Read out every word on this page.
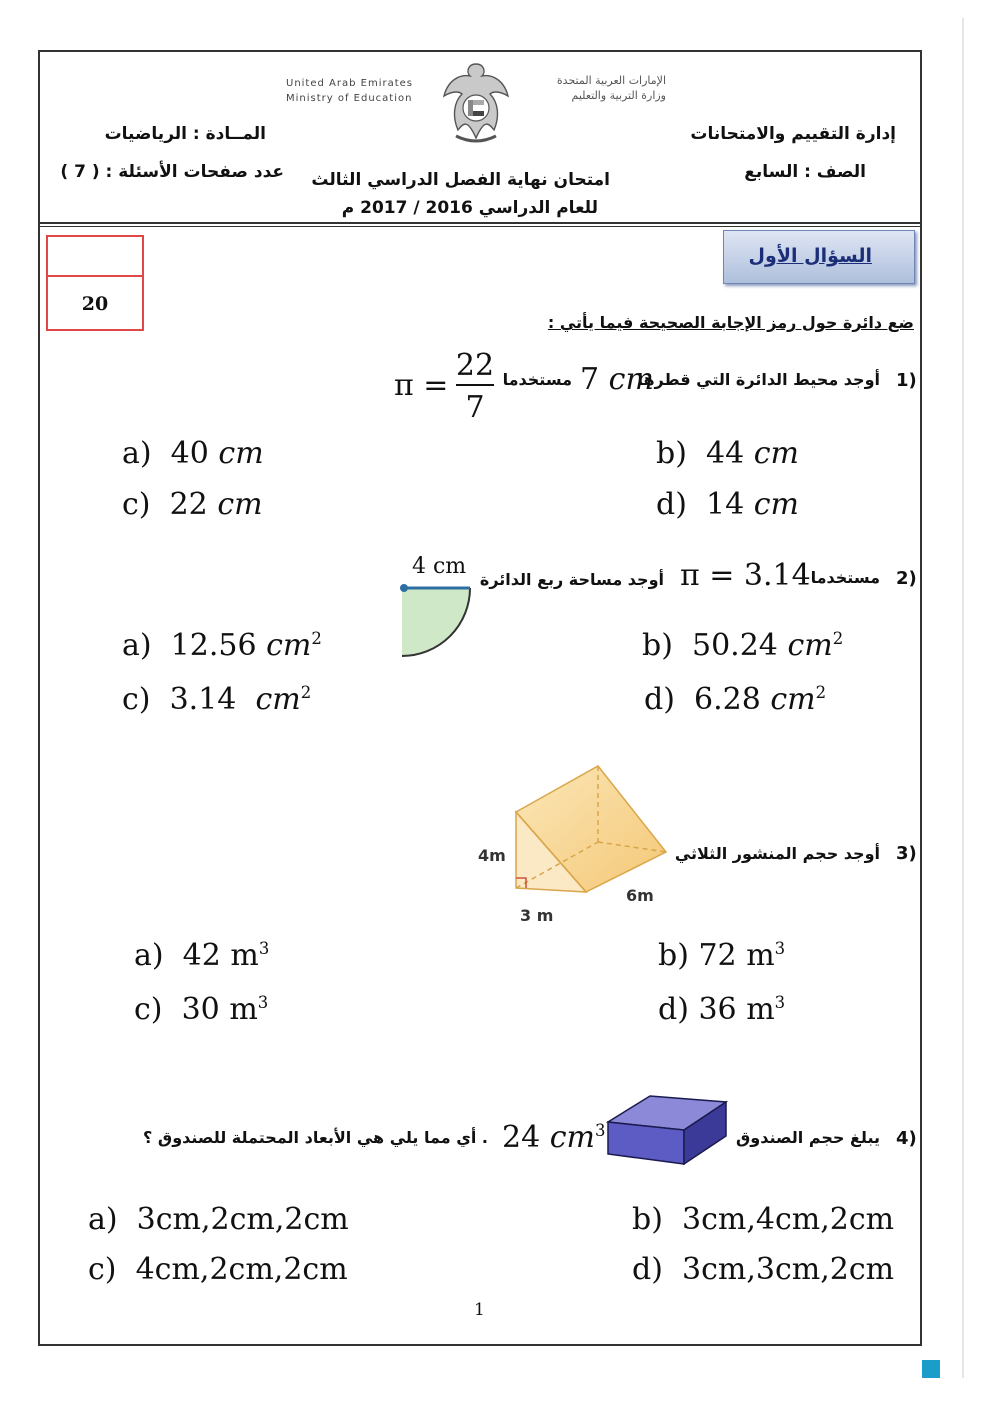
United Arab Emirates
Ministry of Education
الإمارات العربية المتحدة
وزارة التربية والتعليم
إدارة التقييم والامتحانات
المــادة : الرياضيات
الصف : السابع
عدد صفحات الأسئلة : ( 7 ) امتحان نهاية الفصل الدراسي الثالث
للعام الدراسي 2016 / 2017 م
20
السؤال الأول
ضع دائرة حول رمز الإجابة الصحيحة فيما يأتي :
1)
أوجد محيط الدائرة التي قطرها
7 cm
مستخدما
π =
22
7
a) 40 cm	b) 44 cm
c) 22 cm	d) 14 cm
2)
مستخدما
π = 3.14
أوجد مساحة ربع الدائرة
4 cm
a) 12.56 $cm^2$	b) 50.24 $cm^2$
c) 3.14 $cm^2$	d) 6.28 $cm^2$
3)
أوجد حجم المنشور الثلاثي
4m
3 m
6m
a) 42 $m^3$	b) 72 $m^3$
c) 30 $m^3$	d) 36 $m^3$
4)
يبلغ حجم الصندوق
24 $cm^3$
. أي مما يلي هي الأبعاد المحتملة للصندوق ؟
a) 3cm,2cm,2cm	b) 3cm,4cm,2cm
c) 4cm,2cm,2cm	d) 3cm,3cm,2cm
1
